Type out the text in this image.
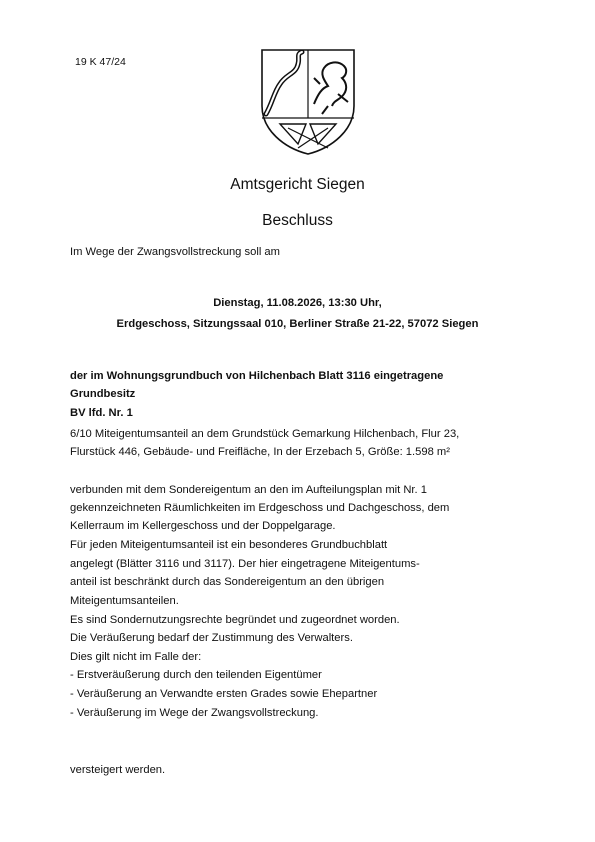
19 K 47/24
Amtsgericht Siegen
Beschluss
Im Wege der Zwangsvollstreckung soll am
Dienstag, 11.08.2026, 13:30 Uhr,
Erdgeschoss, Sitzungssaal 010, Berliner Straße 21-22, 57072 Siegen
der im Wohnungsgrundbuch von Hilchenbach Blatt 3116 eingetragene
Grundbesitz
BV lfd. Nr. 1
6/10 Miteigentumsanteil an dem Grundstück Gemarkung Hilchenbach, Flur 23,
Flurstück 446, Gebäude- und Freifläche, In der Erzebach 5, Größe: 1.598 m²
verbunden mit dem Sondereigentum an den im Aufteilungsplan mit Nr. 1
gekennzeichneten Räumlichkeiten im Erdgeschoss und Dachgeschoss, dem
Kellerraum im Kellergeschoss und der Doppelgarage.
Für jeden Miteigentumsanteil ist ein besonderes Grundbuchblatt
angelegt (Blätter 3116 und 3117). Der hier eingetragene Miteigentums-
anteil ist beschränkt durch das Sondereigentum an den übrigen
Miteigentumsanteilen.
Es sind Sondernutzungsrechte begründet und zugeordnet worden.
Die Veräußerung bedarf der Zustimmung des Verwalters.
Dies gilt nicht im Falle der:
- Erstveräußerung durch den teilenden Eigentümer
- Veräußerung an Verwandte ersten Grades sowie Ehepartner
- Veräußerung im Wege der Zwangsvollstreckung.
versteigert werden.
